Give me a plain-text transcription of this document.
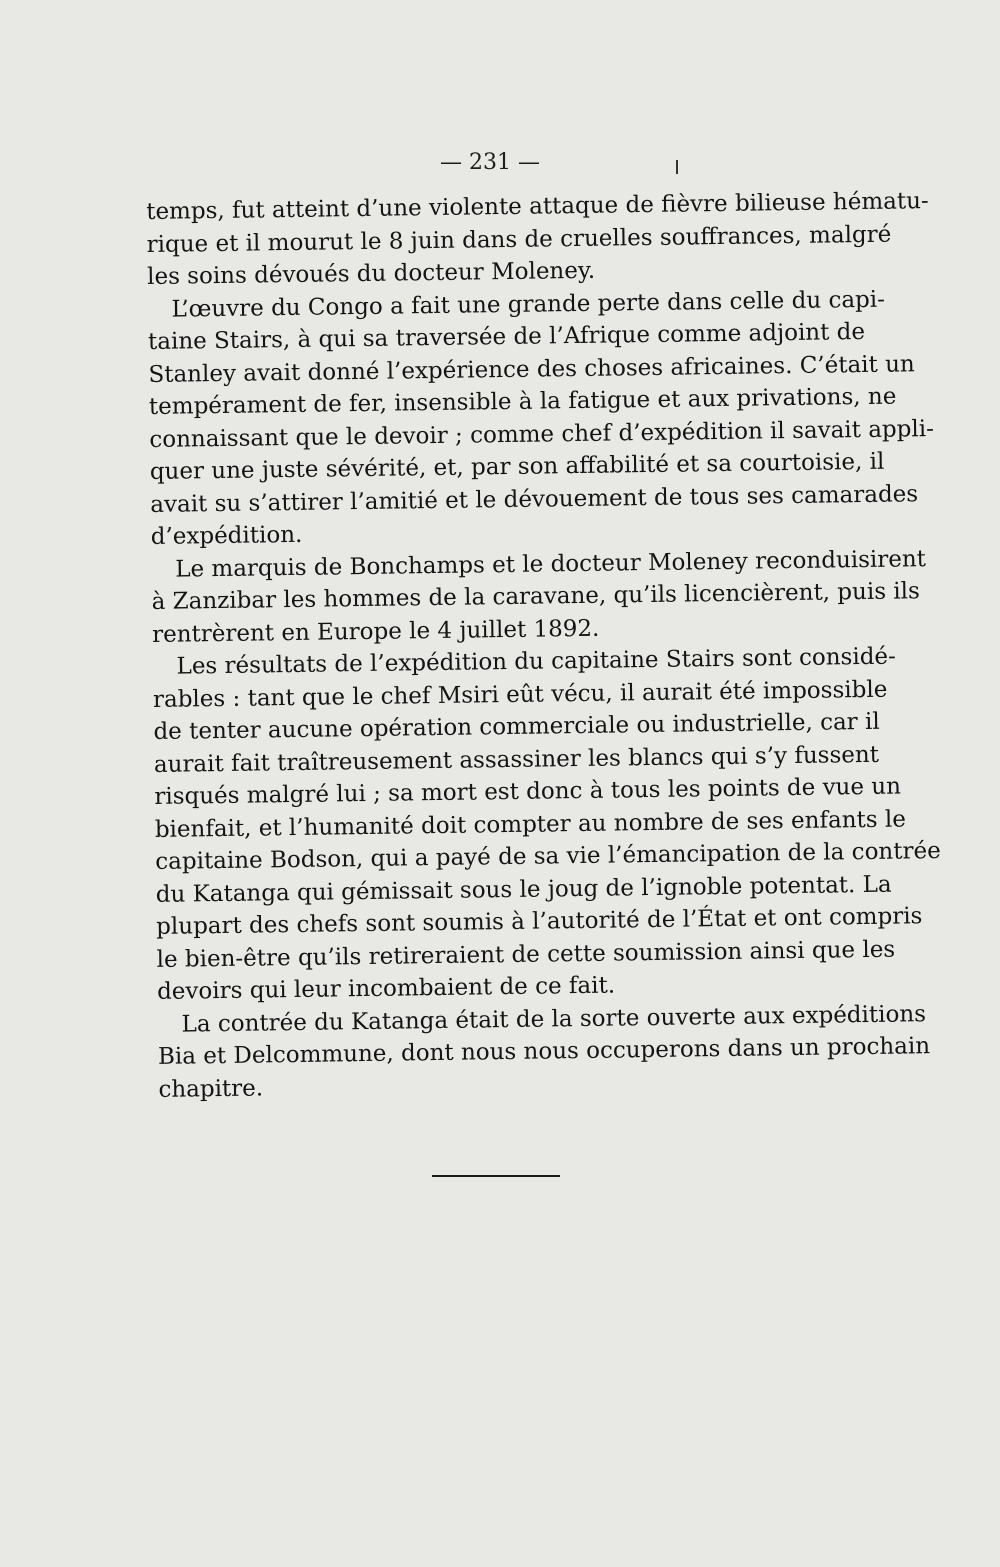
— 231 —
temps, fut atteint d’une violente attaque de fièvre bilieuse hématu-
rique et il mourut le 8 juin dans de cruelles souffrances, malgré
les soins dévoués du docteur Moleney.
L’œuvre du Congo a fait une grande perte dans celle du capi-
taine Stairs, à qui sa traversée de l’Afrique comme adjoint de
Stanley avait donné l’expérience des choses africaines. C’était un
tempérament de fer, insensible à la fatigue et aux privations, ne
connaissant que le devoir ; comme chef d’expédition il savait appli-
quer une juste sévérité, et, par son affabilité et sa courtoisie, il
avait su s’attirer l’amitié et le dévouement de tous ses camarades
d’expédition.
Le marquis de Bonchamps et le docteur Moleney reconduisirent
à Zanzibar les hommes de la caravane, qu’ils licencièrent, puis ils
rentrèrent en Europe le 4 juillet 1892.
Les résultats de l’expédition du capitaine Stairs sont considé-
rables : tant que le chef Msiri eût vécu, il aurait été impossible
de tenter aucune opération commerciale ou industrielle, car il
aurait fait traîtreusement assassiner les blancs qui s’y fussent
risqués malgré lui ; sa mort est donc à tous les points de vue un
bienfait, et l’humanité doit compter au nombre de ses enfants le
capitaine Bodson, qui a payé de sa vie l’émancipation de la contrée
du Katanga qui gémissait sous le joug de l’ignoble potentat. La
plupart des chefs sont soumis à l’autorité de l’État et ont compris
le bien-être qu’ils retireraient de cette soumission ainsi que les
devoirs qui leur incombaient de ce fait.
La contrée du Katanga était de la sorte ouverte aux expéditions
Bia et Delcommune, dont nous nous occuperons dans un prochain
chapitre.
